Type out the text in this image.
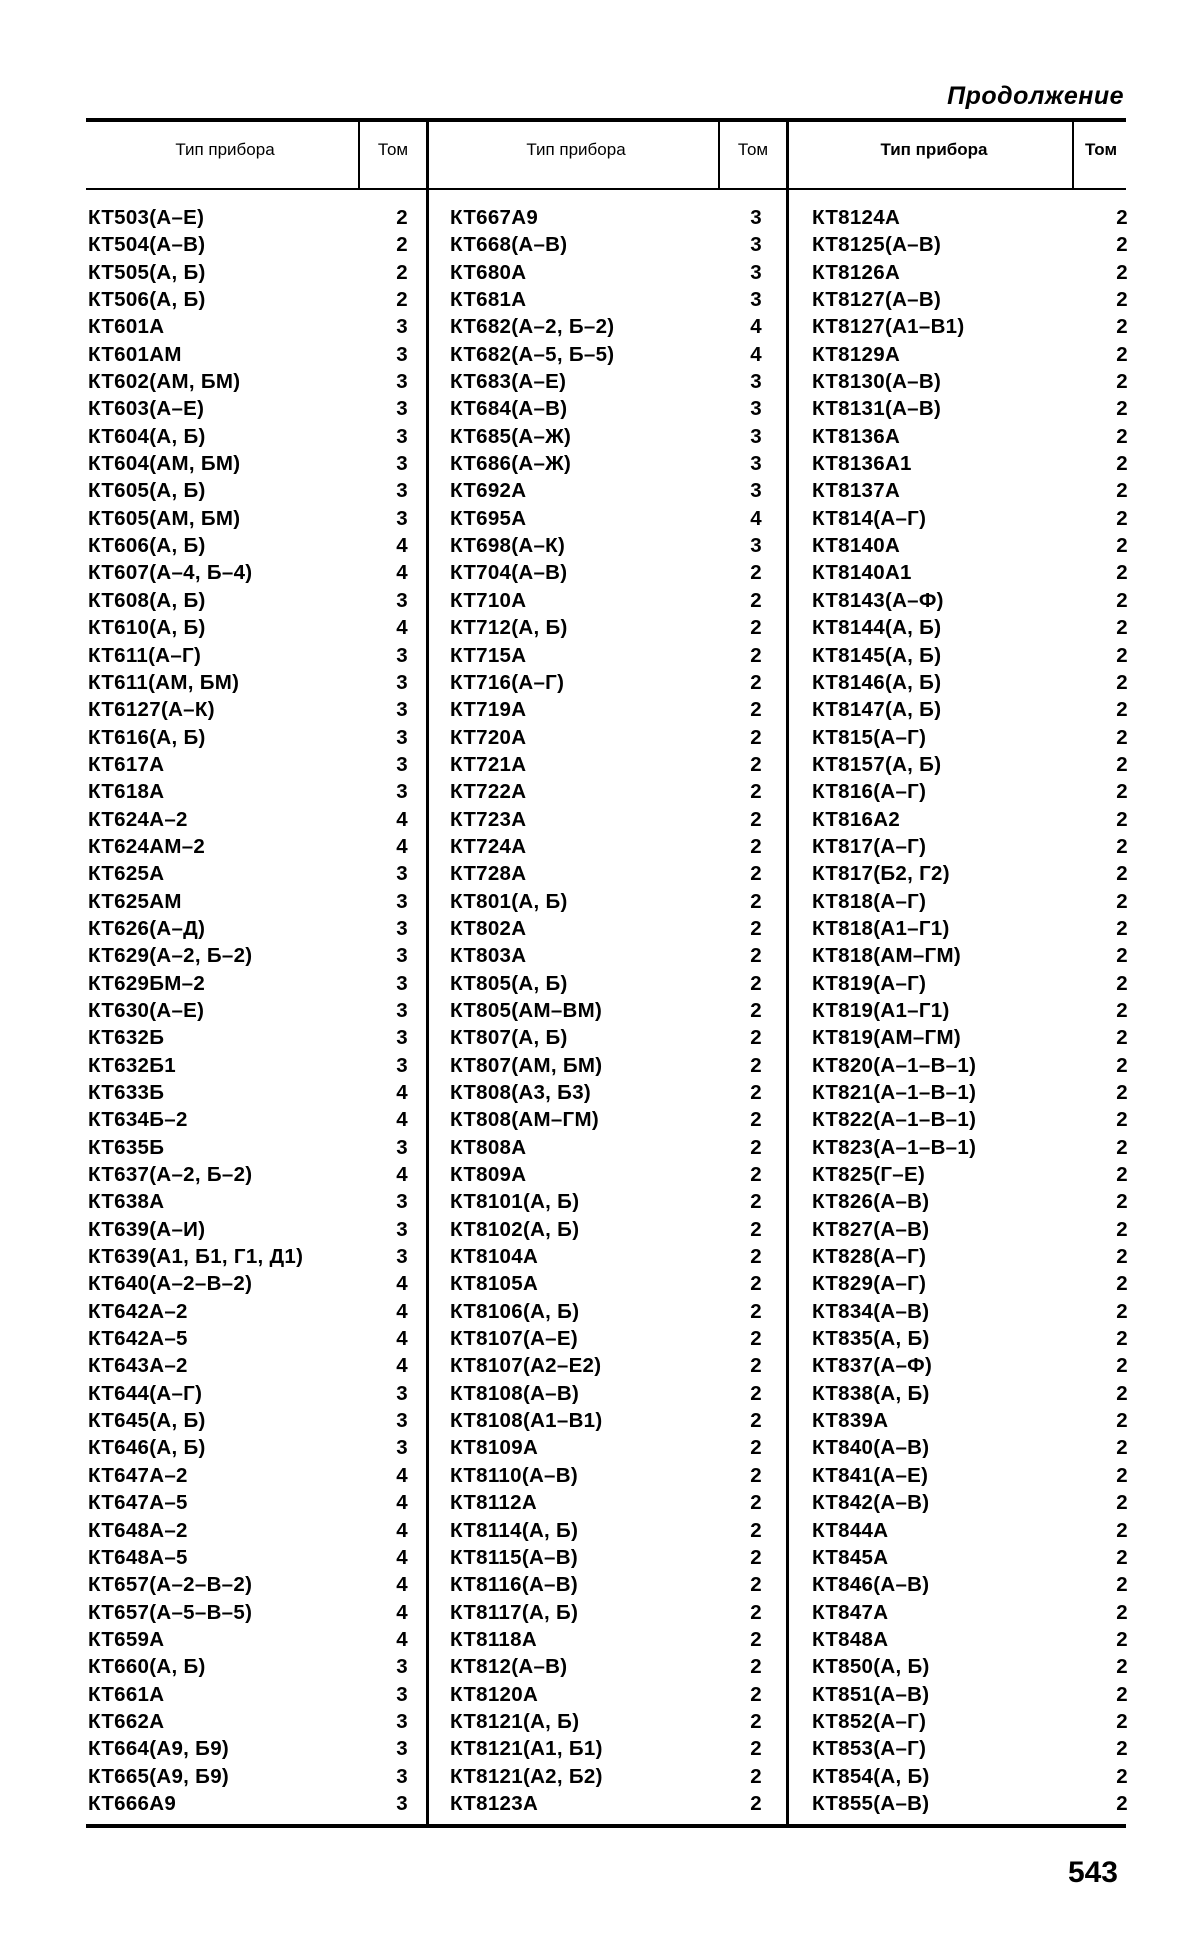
Продолжение
Тип прибора	Том	Тип прибора	Том	Тип прибора	Том
КТ503(А–Е)	2
КТ504(А–В)	2
КТ505(А, Б)	2
КТ506(А, Б)	2
КТ601А	3
КТ601АМ	3
КТ602(АМ, БМ)	3
КТ603(А–Е)	3
КТ604(А, Б)	3
КТ604(АМ, БМ)	3
КТ605(А, Б)	3
КТ605(АМ, БМ)	3
КТ606(А, Б)	4
КТ607(А–4, Б–4)	4
КТ608(А, Б)	3
КТ610(А, Б)	4
КТ611(А–Г)	3
КТ611(АМ, БМ)	3
КТ6127(А–К)	3
КТ616(А, Б)	3
КТ617А	3
КТ618А	3
КТ624А–2	4
КТ624АМ–2	4
КТ625А	3
КТ625АМ	3
КТ626(А–Д)	3
КТ629(А–2, Б–2)	3
КТ629БМ–2	3
КТ630(А–Е)	3
КТ632Б	3
КТ632Б1	3
КТ633Б	4
КТ634Б–2	4
КТ635Б	3
КТ637(А–2, Б–2)	4
КТ638А	3
КТ639(А–И)	3
КТ639(А1, Б1, Г1, Д1)	3
КТ640(А–2–В–2)	4
КТ642А–2	4
КТ642А–5	4
КТ643А–2	4
КТ644(А–Г)	3
КТ645(А, Б)	3
КТ646(А, Б)	3
КТ647А–2	4
КТ647А–5	4
КТ648А–2	4
КТ648А–5	4
КТ657(А–2–В–2)	4
КТ657(А–5–В–5)	4
КТ659А	4
КТ660(А, Б)	3
КТ661А	3
КТ662А	3
КТ664(А9, Б9)	3
КТ665(А9, Б9)	3
КТ666А9	3
КТ667А9	3
КТ668(А–В)	3
КТ680А	3
КТ681А	3
КТ682(А–2, Б–2)	4
КТ682(А–5, Б–5)	4
КТ683(А–Е)	3
КТ684(А–В)	3
КТ685(А–Ж)	3
КТ686(А–Ж)	3
КТ692А	3
КТ695А	4
КТ698(А–К)	3
КТ704(А–В)	2
КТ710А	2
КТ712(А, Б)	2
КТ715А	2
КТ716(А–Г)	2
КТ719А	2
КТ720А	2
КТ721А	2
КТ722А	2
КТ723А	2
КТ724А	2
КТ728А	2
КТ801(А, Б)	2
КТ802А	2
КТ803А	2
КТ805(А, Б)	2
КТ805(АМ–ВМ)	2
КТ807(А, Б)	2
КТ807(АМ, БМ)	2
КТ808(А3, Б3)	2
КТ808(АМ–ГМ)	2
КТ808А	2
КТ809А	2
КТ8101(А, Б)	2
КТ8102(А, Б)	2
КТ8104А	2
КТ8105А	2
КТ8106(А, Б)	2
КТ8107(А–Е)	2
КТ8107(А2–Е2)	2
КТ8108(А–В)	2
КТ8108(А1–В1)	2
КТ8109А	2
КТ8110(А–В)	2
КТ8112А	2
КТ8114(А, Б)	2
КТ8115(А–В)	2
КТ8116(А–В)	2
КТ8117(А, Б)	2
КТ8118А	2
КТ812(А–В)	2
КТ8120А	2
КТ8121(А, Б)	2
КТ8121(А1, Б1)	2
КТ8121(А2, Б2)	2
КТ8123А	2
КТ8124А	2
КТ8125(А–В)	2
КТ8126А	2
КТ8127(А–В)	2
КТ8127(А1–В1)	2
КТ8129А	2
КТ8130(А–В)	2
КТ8131(А–В)	2
КТ8136А	2
КТ8136А1	2
КТ8137А	2
КТ814(А–Г)	2
КТ8140А	2
КТ8140А1	2
КТ8143(А–Ф)	2
КТ8144(А, Б)	2
КТ8145(А, Б)	2
КТ8146(А, Б)	2
КТ8147(А, Б)	2
КТ815(А–Г)	2
КТ8157(А, Б)	2
КТ816(А–Г)	2
КТ816А2	2
КТ817(А–Г)	2
КТ817(Б2, Г2)	2
КТ818(А–Г)	2
КТ818(А1–Г1)	2
КТ818(АМ–ГМ)	2
КТ819(А–Г)	2
КТ819(А1–Г1)	2
КТ819(АМ–ГМ)	2
КТ820(А–1–В–1)	2
КТ821(А–1–В–1)	2
КТ822(А–1–В–1)	2
КТ823(А–1–В–1)	2
КТ825(Г–Е)	2
КТ826(А–В)	2
КТ827(А–В)	2
КТ828(А–Г)	2
КТ829(А–Г)	2
КТ834(А–В)	2
КТ835(А, Б)	2
КТ837(А–Ф)	2
КТ838(А, Б)	2
КТ839А	2
КТ840(А–В)	2
КТ841(А–Е)	2
КТ842(А–В)	2
КТ844А	2
КТ845А	2
КТ846(А–В)	2
КТ847А	2
КТ848А	2
КТ850(А, Б)	2
КТ851(А–В)	2
КТ852(А–Г)	2
КТ853(А–Г)	2
КТ854(А, Б)	2
КТ855(А–В)	2
543
